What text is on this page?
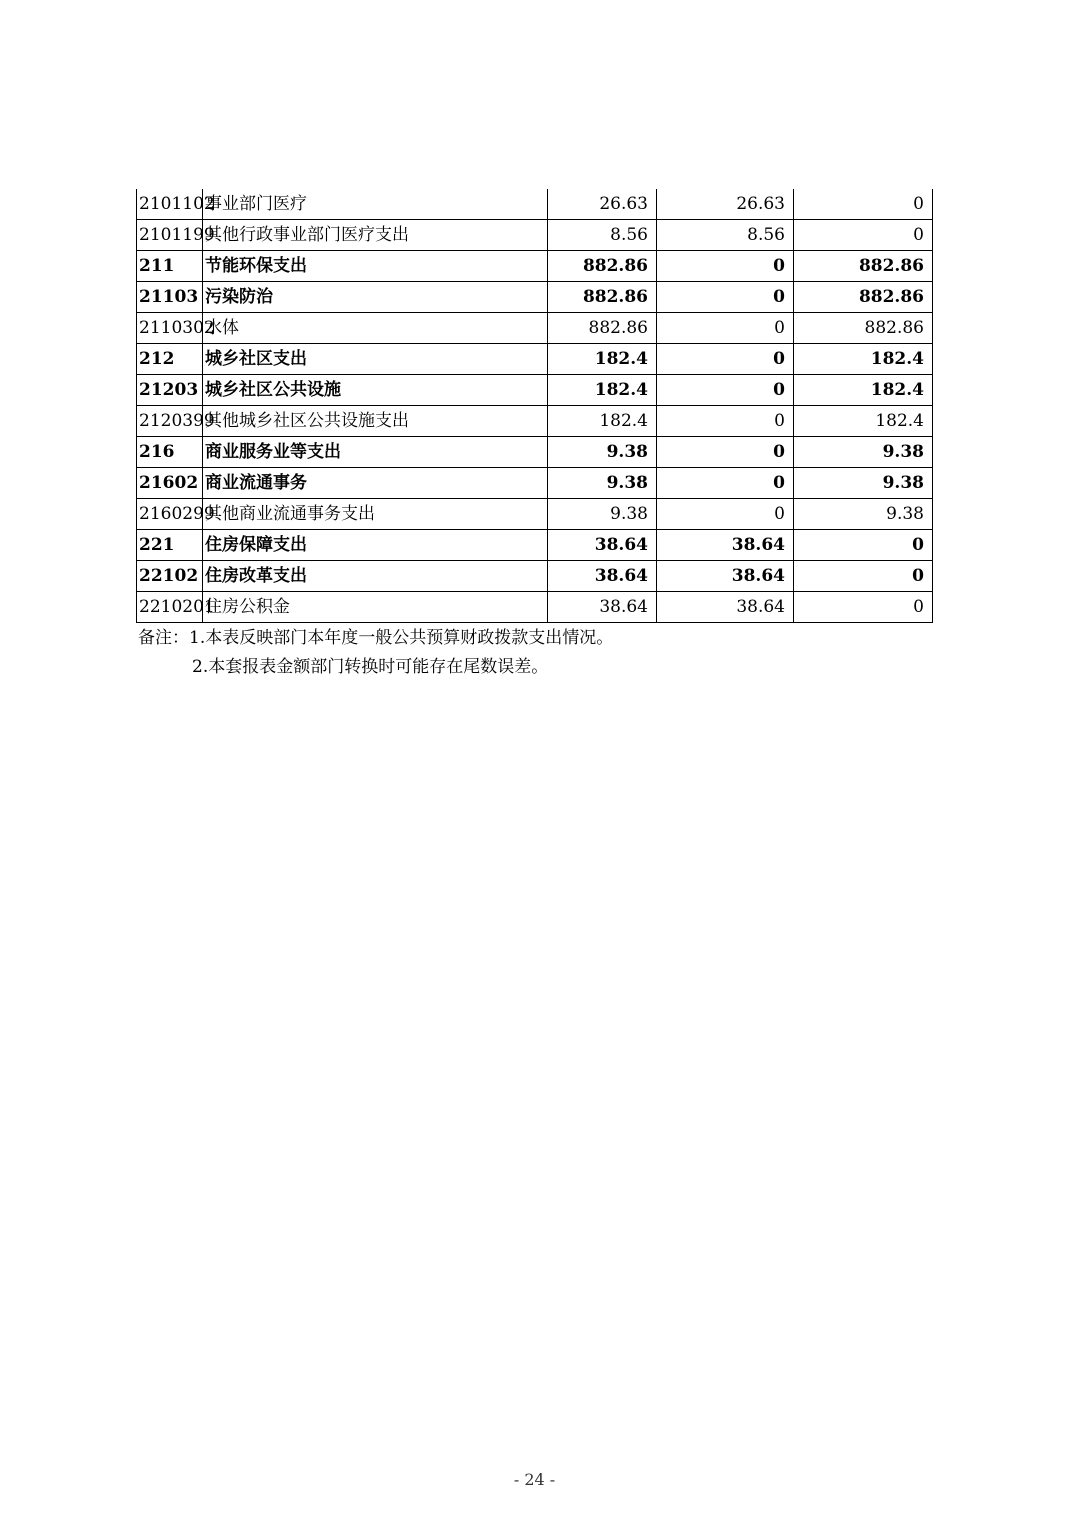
2101102	事业部门医疗	26.63	26.63	0
2101199	其他行政事业部门医疗支出	8.56	8.56	0
211	节能环保支出	882.86	0	882.86
21103	污染防治	882.86	0	882.86
2110302	水体	882.86	0	882.86
212	城乡社区支出	182.4	0	182.4
21203	城乡社区公共设施	182.4	0	182.4
2120399	其他城乡社区公共设施支出	182.4	0	182.4
216	商业服务业等支出	9.38	0	9.38
21602	商业流通事务	9.38	0	9.38
2160299	其他商业流通事务支出	9.38	0	9.38
221	住房保障支出	38.64	38.64	0
22102	住房改革支出	38.64	38.64	0
2210201	住房公积金	38.64	38.64	0
备注：1.本表反映部门本年度一般公共预算财政拨款支出情况。
2.本套报表金额部门转换时可能存在尾数误差。
- 24 -
